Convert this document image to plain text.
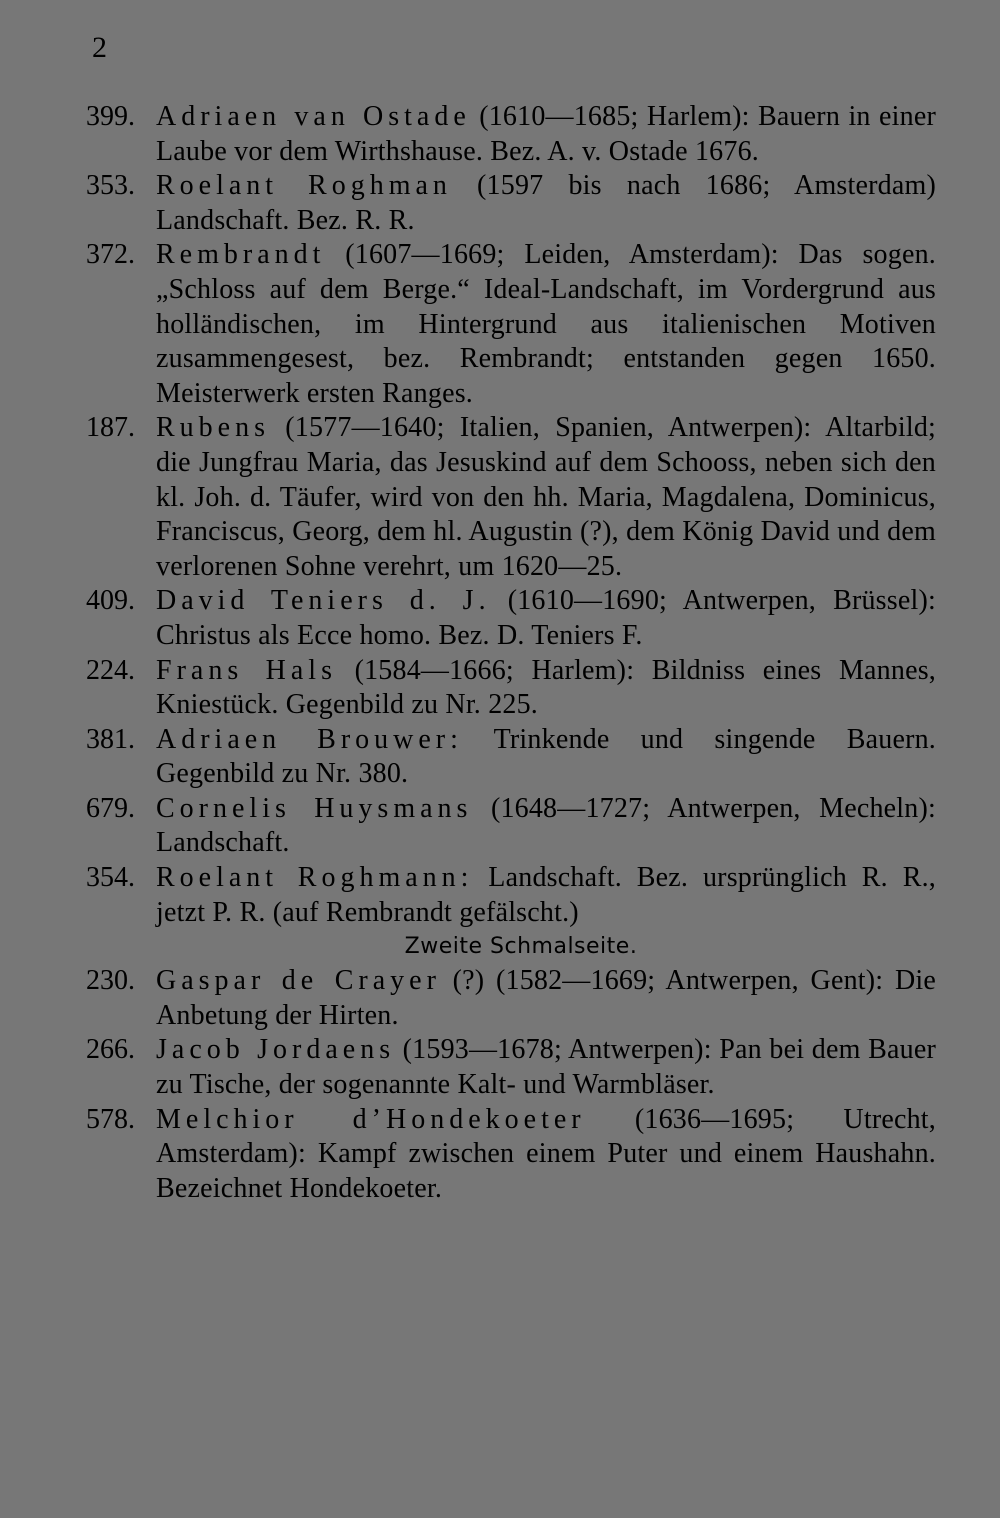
2
399. Adriaen van Ostade (1610—1685; Harlem): Bauern in einer Laube vor dem Wirthshause. Bez. A. v. Ostade 1676.
353. Roelant Roghman (1597 bis nach 1686; Amsterdam) Landschaft. Bez. R. R.
372. Rembrandt (1607—1669; Leiden, Amsterdam): Das sogen. „Schloss auf dem Berge.“ Ideal-Landschaft, im Vordergrund aus holländischen, im Hintergrund aus italienischen Motiven zusammengesest, bez. Rembrandt; entstanden gegen 1650. Meisterwerk ersten Ranges.
187. Rubens (1577—1640; Italien, Spanien, Antwerpen): Altarbild; die Jungfrau Maria, das Jesuskind auf dem Schooss, neben sich den kl. Joh. d. Täufer, wird von den hh. Maria, Magdalena, Dominicus, Franciscus, Georg, dem hl. Augustin (?), dem König David und dem verlorenen Sohne verehrt, um 1620—25.
409. David Teniers d. J. (1610—1690; Antwerpen, Brüssel): Christus als Ecce homo. Bez. D. Teniers F.
224. Frans Hals (1584—1666; Harlem): Bildniss eines Mannes, Kniestück. Gegenbild zu Nr. 225.
381. Adriaen Brouwer: Trinkende und singende Bauern. Gegenbild zu Nr. 380.
679. Cornelis Huysmans (1648—1727; Antwerpen, Mecheln): Landschaft.
354. Roelant Roghmann: Landschaft. Bez. ursprünglich R. R., jetzt P. R. (auf Rembrandt gefälscht.)
Zweite Schmalseite.
230. Gaspar de Crayer (?) (1582—1669; Antwerpen, Gent): Die Anbetung der Hirten.
266. Jacob Jordaens (1593—1678; Antwerpen): Pan bei dem Bauer zu Tische, der sogenannte Kalt- und Warmbläser.
578. Melchior d’Hondekoeter (1636—1695; Utrecht, Amsterdam): Kampf zwischen einem Puter und einem Haushahn. Bezeichnet Hondekoeter.
